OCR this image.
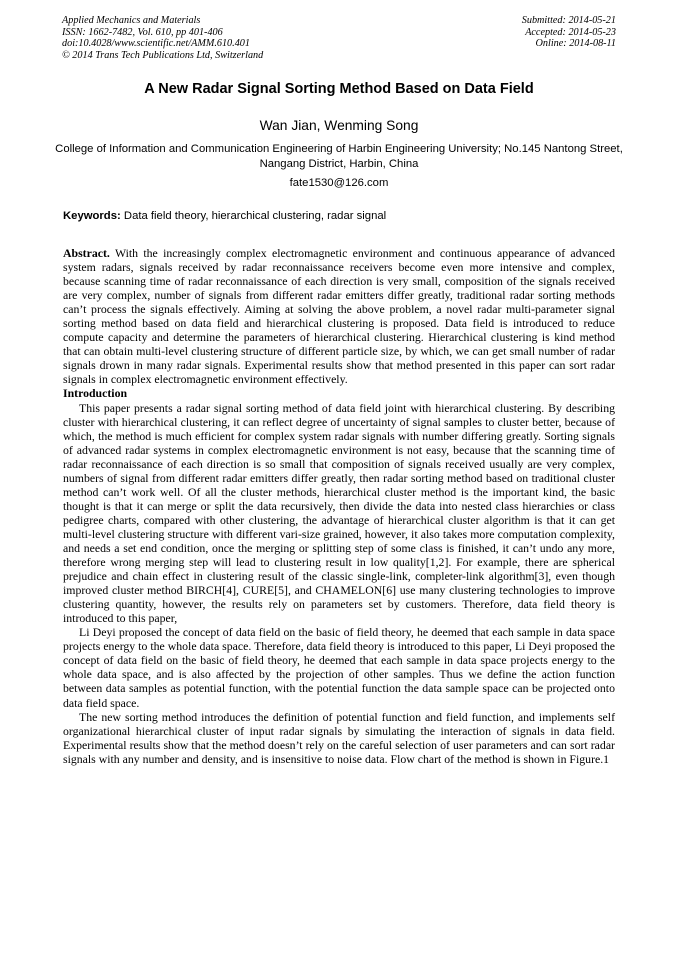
Applied Mechanics and Materials
ISSN: 1662-7482, Vol. 610, pp 401-406
doi:10.4028/www.scientific.net/AMM.610.401
© 2014 Trans Tech Publications Ltd, Switzerland
Submitted: 2014-05-21
Accepted: 2014-05-23
Online: 2014-08-11
A New Radar Signal Sorting Method Based on Data Field
Wan Jian, Wenming Song
College of Information and Communication Engineering of Harbin Engineering University; No.145 Nantong Street, Nangang District, Harbin, China
fate1530@126.com
Keywords: Data field theory, hierarchical clustering, radar signal

Abstract. With the increasingly complex electromagnetic environment and continuous appearance of advanced system radars, signals received by radar reconnaissance receivers become even more intensive and complex, because scanning time of radar reconnaissance of each direction is very small, composition of the signals received are very complex, number of signals from different radar emitters differ greatly, traditional radar sorting methods can’t process the signals effectively. Aiming at solving the above problem, a novel radar multi-parameter signal sorting method based on data field and hierarchical clustering is proposed. Data field is introduced to reduce compute capacity and determine the parameters of hierarchical clustering. Hierarchical clustering is kind method that can obtain multi-level clustering structure of different particle size, by which, we can get small number of radar signals drown in many radar signals. Experimental results show that method presented in this paper can sort radar signals in complex electromagnetic environment effectively.

Introduction

This paper presents a radar signal sorting method of data field joint with hierarchical clustering. By describing cluster with hierarchical clustering, it can reflect degree of uncertainty of signal samples to cluster better, because of which, the method is much efficient for complex system radar signals with number differing greatly. Sorting signals of advanced radar systems in complex electromagnetic environment is not easy, because that the scanning time of radar reconnaissance of each direction is so small that composition of signals received usually are very complex, numbers of signal from different radar emitters differ greatly, then radar sorting method based on traditional cluster method can’t work well. Of all the cluster methods, hierarchical cluster method is the important kind, the basic thought is that it can merge or split the data recursively, then divide the data into nested class hierarchies or class pedigree charts, compared with other clustering, the advantage of hierarchical cluster algorithm is that it can get multi-level clustering structure with different vari-size grained, however, it also takes more computation complexity, and needs a set end condition, once the merging or splitting step of some class is finished, it can’t undo any more, therefore wrong merging step will lead to clustering result in low quality[1,2]. For example, there are spherical prejudice and chain effect in clustering result of the classic single-link, completer-link algorithm[3], even though improved cluster method BIRCH[4], CURE[5], and CHAMELON[6] use many clustering technologies to improve clustering quantity, however, the results rely on parameters set by customers. Therefore, data field theory is introduced to this paper,

Li Deyi proposed the concept of data field on the basic of field theory, he deemed that each sample in data space projects energy to the whole data space. Therefore, data field theory is introduced to this paper, Li Deyi proposed the concept of data field on the basic of field theory, he deemed that each sample in data space projects energy to the whole data space, and is also affected by the projection of other samples. Thus we define the action function between data samples as potential function, with the potential function the data sample space can be projected onto data field space.

The new sorting method introduces the definition of potential function and field function, and implements self organizational hierarchical cluster of input radar signals by simulating the interaction of signals in data field. Experimental results show that the method doesn’t rely on the careful selection of user parameters and can sort radar signals with any number and density, and is insensitive to noise data. Flow chart of the method is shown in Figure.1
